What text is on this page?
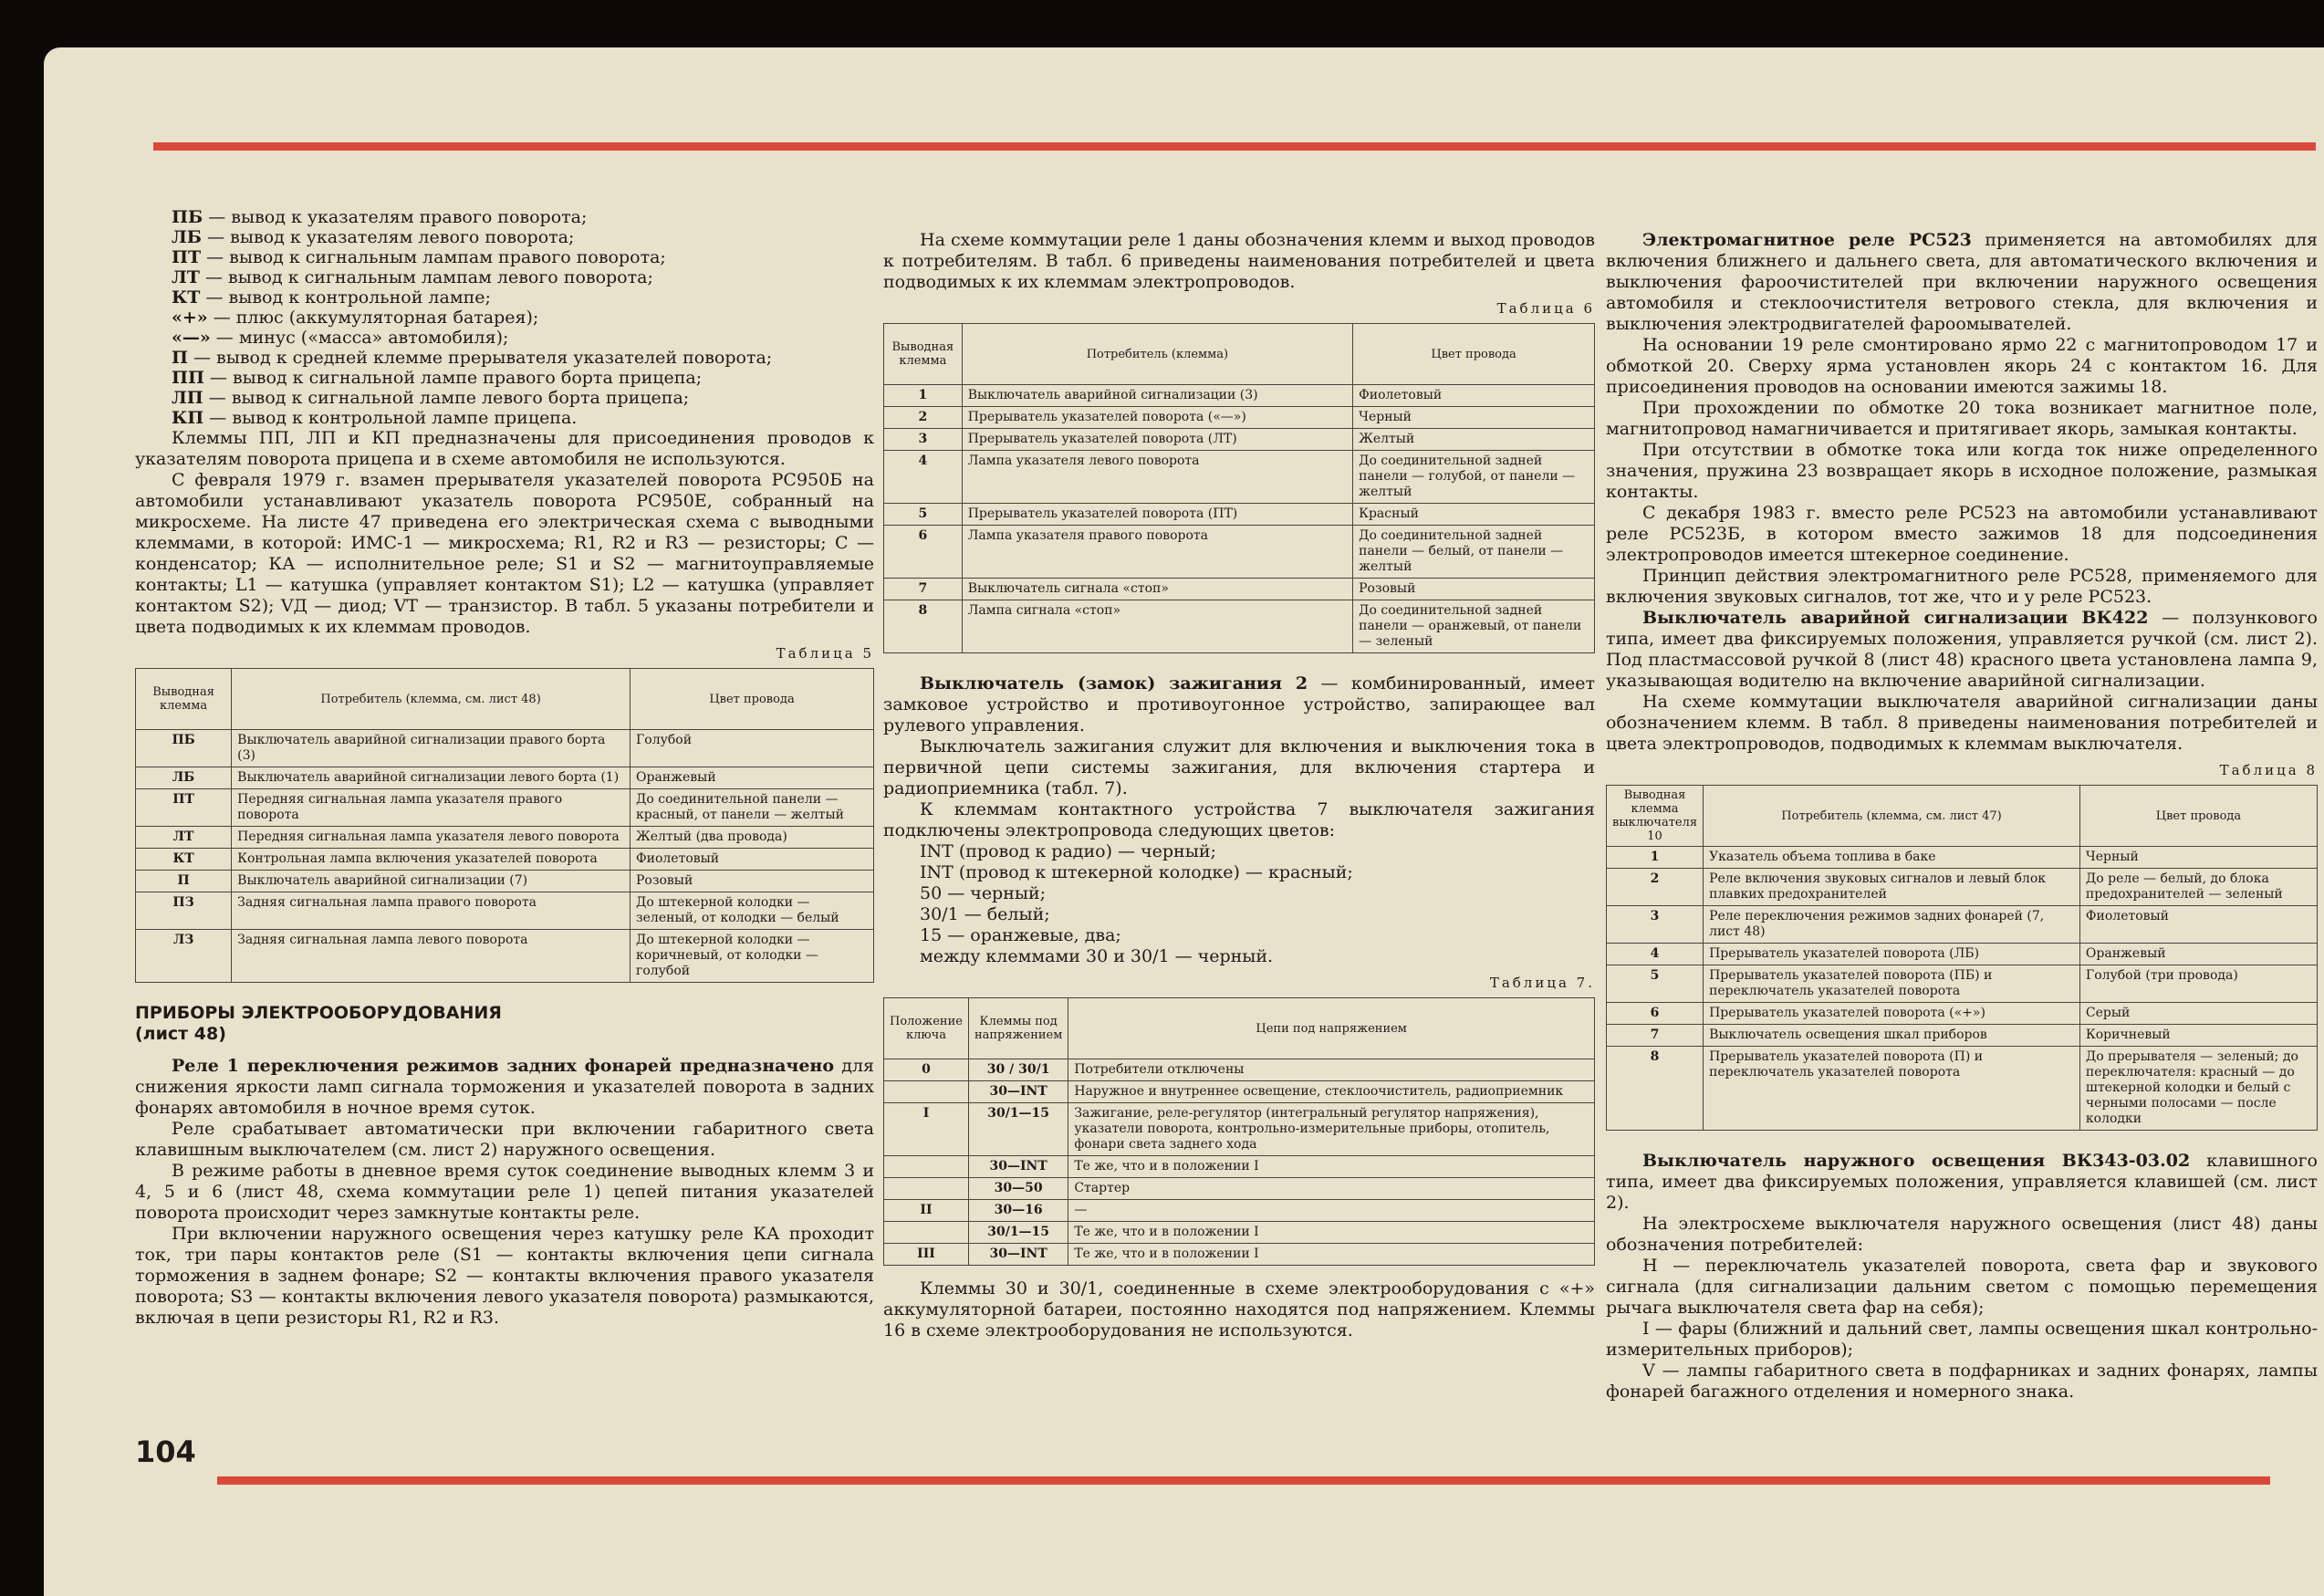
104
ПБ — вывод к указателям правого поворота;
ЛБ — вывод к указателям левого поворота;
ПТ — вывод к сигнальным лампам правого поворота;
ЛТ — вывод к сигнальным лампам левого поворота;
КТ — вывод к контрольной лампе;
«+» — плюс (аккумуляторная батарея);
«—» — минус («масса» автомобиля);
П — вывод к средней клемме прерывателя указателей поворота;
ПП — вывод к сигнальной лампе правого борта прицепа;
ЛП — вывод к сигнальной лампе левого борта прицепа;
КП — вывод к контрольной лампе прицепа.

Клеммы ПП, ЛП и КП предназначены для присоединения проводов к указателям поворота прицепа и в схеме автомобиля не используются.

С февраля 1979 г. взамен прерывателя указателей поворота РС950Б на автомобили устанавливают указатель поворота РС950Е, собранный на микросхеме. На листе 47 приведена его электрическая схема с выводными клеммами, в которой: ИМС-1 — микросхема; R1, R2 и R3 — резисторы; С — конденсатор; КА — исполнительное реле; S1 и S2 — магнитоуправляемые контакты; L1 — катушка (управляет контактом S1); L2 — катушка (управляет контактом S2); VД — диод; VT — транзистор. В табл. 5 указаны потребители и цвета подводимых к их клеммам проводов.

Таблица 5
Выводная клемма	Потребитель (клемма, см. лист 48)	Цвет провода
ПБ	Выключатель аварийной сигнализации правого борта (3)	Голубой
ЛБ	Выключатель аварийной сигнализации левого борта (1)	Оранжевый
ПТ	Передняя сигнальная лампа указателя правого поворота	До соединительной панели — красный, от панели — желтый
ЛТ	Передняя сигнальная лампа указателя левого поворота	Желтый (два провода)
КТ	Контрольная лампа включения указателей поворота	Фиолетовый
П	Выключатель аварийной сигнализации (7)	Розовый
ПЗ	Задняя сигнальная лампа правого поворота	До штекерной колодки — зеленый, от колодки — белый
ЛЗ	Задняя сигнальная лампа левого поворота	До штекерной колодки — коричневый, от колодки — голубой
ПРИБОРЫ ЭЛЕКТРООБОРУДОВАНИЯ
(лист 48)

Реле 1 переключения режимов задних фонарей предназначено для снижения яркости ламп сигнала торможения и указателей поворота в задних фонарях автомобиля в ночное время суток.

Реле срабатывает автоматически при включении габаритного света клавишным выключателем (см. лист 2) наружного освещения.

В режиме работы в дневное время суток соединение выводных клемм 3 и 4, 5 и 6 (лист 48, схема коммутации реле 1) цепей питания указателей поворота происходит через замкнутые контакты реле.

При включении наружного освещения через катушку реле КА проходит ток, три пары контактов реле (S1 — контакты включения цепи сигнала торможения в заднем фонаре; S2 — контакты включения правого указателя поворота; S3 — контакты включения левого указателя поворота) размыкаются, включая в цепи резисторы R1, R2 и R3.

На схеме коммутации реле 1 даны обозначения клемм и выход проводов к потребителям. В табл. 6 приведены наименования потребителей и цвета подводимых к их клеммам электропроводов.

Таблица 6
Выводная клемма	Потребитель (клемма)	Цвет провода
1	Выключатель аварийной сигнализации (3)	Фиолетовый
2	Прерыватель указателей поворота («—»)	Черный
3	Прерыватель указателей поворота (ЛТ)	Желтый
4	Лампа указателя левого поворота	До соединительной задней панели — голубой, от панели — желтый
5	Прерыватель указателей поворота (ПТ)	Красный
6	Лампа указателя правого поворота	До соединительной задней панели — белый, от панели — желтый
7	Выключатель сигнала «стоп»	Розовый
8	Лампа сигнала «стоп»	До соединительной задней панели — оранжевый, от панели — зеленый

Выключатель (замок) зажигания 2 — комбинированный, имеет замковое устройство и противоугонное устройство, запирающее вал рулевого управления.

Выключатель зажигания служит для включения и выключения тока в первичной цепи системы зажигания, для включения стартера и радиоприемника (табл. 7).

К клеммам контактного устройства 7 выключателя зажигания подключены электропровода следующих цветов:

INT (провод к радио) — черный;
INT (провод к штекерной колодке) — красный;
50 — черный;
30/1 — белый;
15 — оранжевые, два;
между клеммами 30 и 30/1 — черный.
Таблица 7.
Положение ключа	Клеммы под напряжением	Цепи под напряжением
0	30 / 30/1	Потребители отключены
	30—INT	Наружное и внутреннее освещение, стеклоочиститель, радиоприемник
I	30/1—15	Зажигание, реле-регулятор (интегральный регулятор напряжения), указатели поворота, контрольно-измерительные приборы, отопитель, фонари света заднего хода
	30—INT	Те же, что и в положении I
	30—50	Стартер
II	30—16	—
	30/1—15	Те же, что и в положении I
III	30—INT	Те же, что и в положении I

Клеммы 30 и 30/1, соединенные в схеме электрооборудования с «+» аккумуляторной батареи, постоянно находятся под напряжением. Клеммы 16 в схеме электрооборудования не используются.

Электромагнитное реле РС523 применяется на автомобилях для включения ближнего и дальнего света, для автоматического включения и выключения фароочистителей при включении наружного освещения автомобиля и стеклоочистителя ветрового стекла, для включения и выключения электродвигателей фароомывателей.

На основании 19 реле смонтировано ярмо 22 с магнитопроводом 17 и обмоткой 20. Сверху ярма установлен якорь 24 с контактом 16. Для присоединения проводов на основании имеются зажимы 18.

При прохождении по обмотке 20 тока возникает магнитное поле, магнитопровод намагничивается и притягивает якорь, замыкая контакты.

При отсутствии в обмотке тока или когда ток ниже определенного значения, пружина 23 возвращает якорь в исходное положение, размыкая контакты.

С декабря 1983 г. вместо реле РС523 на автомобили устанавливают реле РС523Б, в котором вместо зажимов 18 для подсоединения электропроводов имеется штекерное соединение.

Принцип действия электромагнитного реле РС528, применяемого для включения звуковых сигналов, тот же, что и у реле РС523.

Выключатель аварийной сигнализации ВК422 — ползункового типа, имеет два фиксируемых положения, управляется ручкой (см. лист 2). Под пластмассовой ручкой 8 (лист 48) красного цвета установлена лампа 9, указывающая водителю на включение аварийной сигнализации.

На схеме коммутации выключателя аварийной сигнализации даны обозначением клемм. В табл. 8 приведены наименования потребителей и цвета электропроводов, подводимых к клеммам выключателя.

Таблица 8
Выводная клемма выключателя 10	Потребитель (клемма, см. лист 47)	Цвет провода
1	Указатель объема топлива в баке	Черный
2	Реле включения звуковых сигналов и левый блок плавких предохранителей	До реле — белый, до блока предохранителей — зеленый
3	Реле переключения режимов задних фонарей (7, лист 48)	Фиолетовый
4	Прерыватель указателей поворота (ЛБ)	Оранжевый
5	Прерыватель указателей поворота (ПБ) и переключатель указателей поворота	Голубой (три провода)
6	Прерыватель указателей поворота («+»)	Серый
7	Выключатель освещения шкал приборов	Коричневый
8	Прерыватель указателей поворота (П) и переключатель указателей поворота	До прерывателя — зеленый; до переключателя: красный — до штекерной колодки и белый с черными полосами — после колодки

Выключатель наружного освещения ВК343-03.02 клавишного типа, имеет два фиксируемых положения, управляется клавишей (см. лист 2).

На электросхеме выключателя наружного освещения (лист 48) даны обозначения потребителей:

Н — переключатель указателей поворота, света фар и звукового сигнала (для сигнализации дальним светом с помощью перемещения рычага выключателя света фар на себя);

I — фары (ближний и дальний свет, лампы освещения шкал контрольно-измерительных приборов);

V — лампы габаритного света в подфарниках и задних фонарях, лампы фонарей багажного отделения и номерного знака.
